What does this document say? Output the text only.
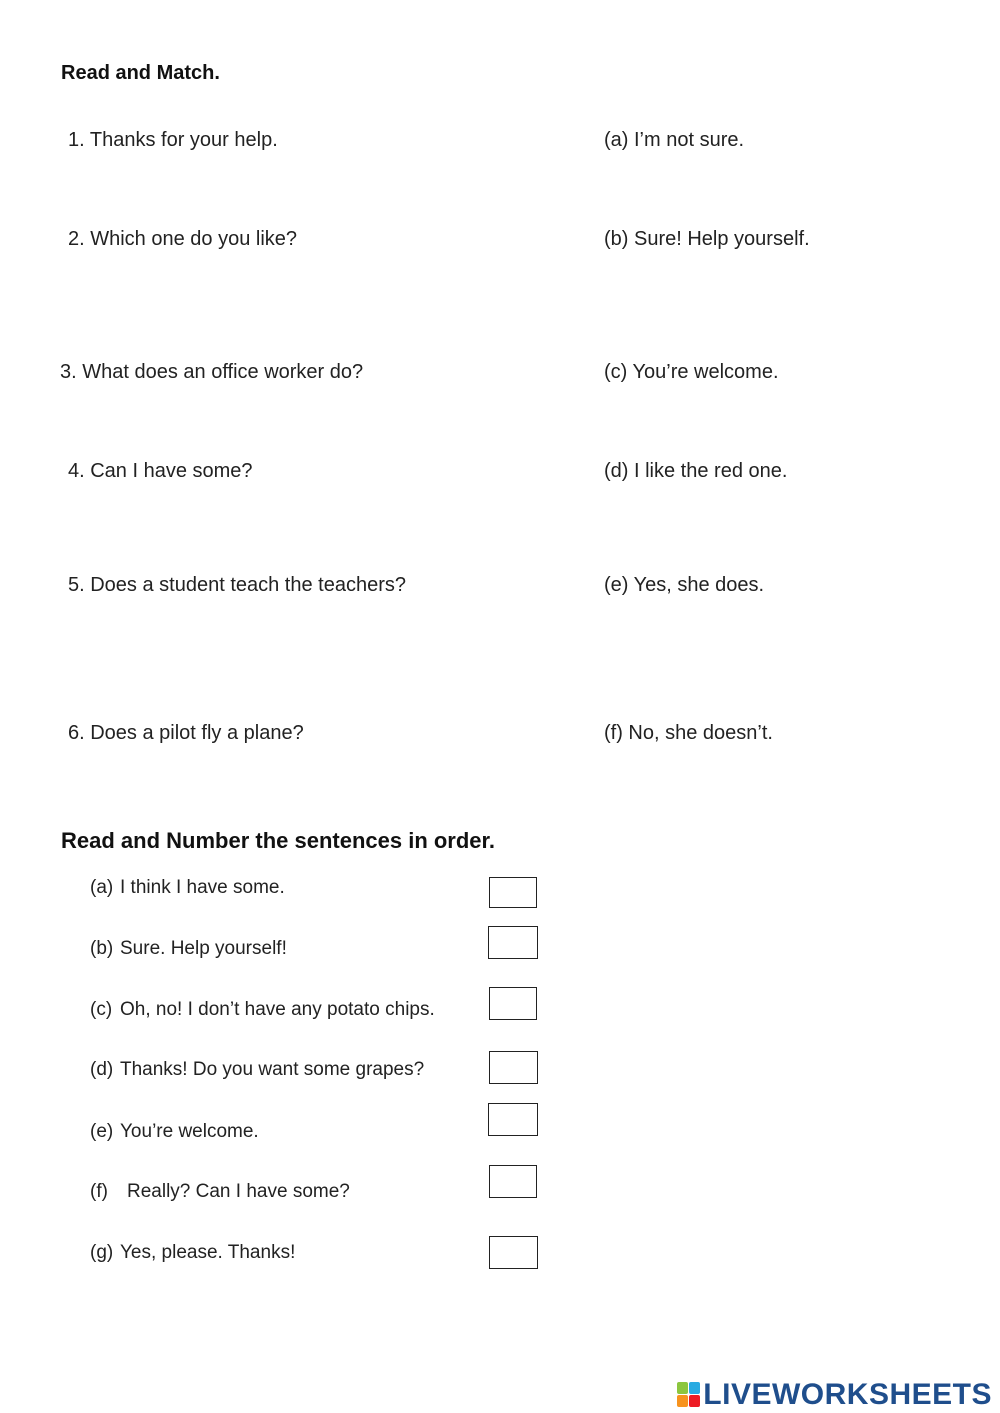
Read and Match.
1. Thanks for your help.
2. Which one do you like?
3. What does an office worker do?
4. Can I have some?
5. Does a student teach the teachers?
6. Does a pilot fly a plane?
(a) I’m not sure.
(b) Sure! Help yourself.
(c) You’re welcome.
(d) I like the red one.
(e) Yes, she does.
(f) No, she doesn’t.
Read and Number the sentences in order.
(a) I think I have some.
(b) Sure. Help yourself!
(c) Oh, no! I don’t have any potato chips.
(d) Thanks! Do you want some grapes?
(e) You’re welcome.
(f) Really? Can I have some?
(g) Yes, please. Thanks!
LIVEWORKSHEETS
